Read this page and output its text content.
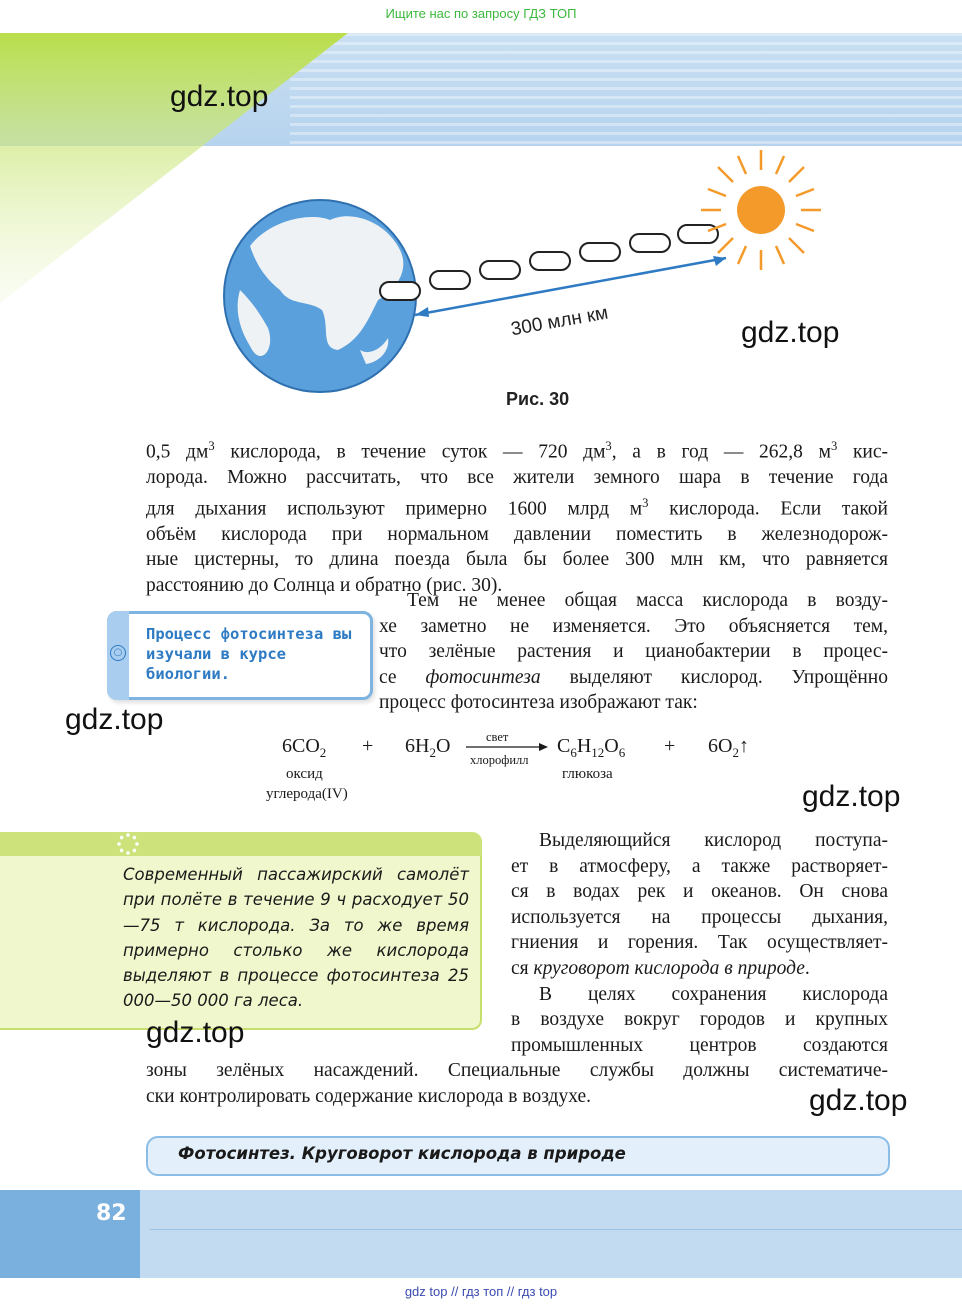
Ищите нас по запросу ГДЗ ТОП
gdz.top
300 млн км	gdz.top
Рис. 30
0,5 $дм^3$ кислорода, в течение суток — 720 $дм^3$, а в год — 262,8 $м^3$ кис-
лорода. Можно рассчитать, что все жители земного шара в течение года
для дыхания используют примерно 1600 млрд $м^3$ кислорода. Если такой
объём кислорода при нормальном давлении поместить в железнодорож-
ные цистерны, то длина поезда была бы более 300 млн км, что равняется
расстоянию до Солнца и обратно (рис. 30).
○
Процесс фотосинтеза вы изучали в курсе биологии.
gdz.top
Тем не менее общая масса кислорода в возду-
хе заметно не изменяется. Это объясняется тем,
что зелёные растения и цианобактерии в процес-
се фотосинтеза выделяют кислород. Упрощённо
процесс фотосинтеза изображают так:
$6CO_2 + 6H_2O$	свет
хлорофилл
$C_6H_{12}O_6$ + $6O_2↑$
оксид
углерода(IV)
глюкоза
gdz.top
Современный пассажирский самолёт при полёте в течение 9 ч расходует 50—75 т кислорода. За то же время примерно столько же кислорода выделяют в процессе фотосинтеза 25 000—50 000 га леса.
gdz.top
Выделяющийся кислород поступа-
ет в атмосферу, а также растворяет-
ся в водах рек и океанов. Он снова
используется на процессы дыхания,
гниения и горения. Так осуществляет-
ся круговорот кислорода в природе.
В целях сохранения кислорода
в воздухе вокруг городов и крупных
промышленных центров создаются
зоны зелёных насаждений. Специальные службы должны систематиче-
ски контролировать содержание кислорода в воздухе.	gdz.top
Фотосинтез. Круговорот кислорода в природе
82
gdz top // гдз топ // гдз top
